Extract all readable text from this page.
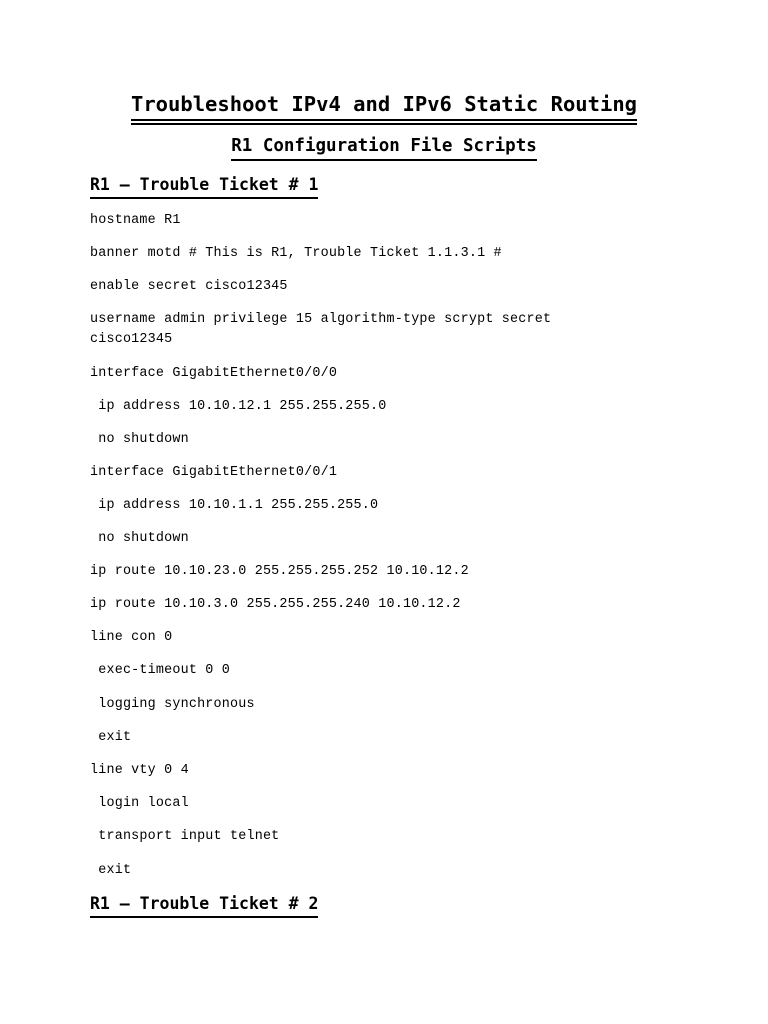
Troubleshoot IPv4 and IPv6 Static Routing
R1 Configuration File Scripts
R1 – Trouble Ticket # 1
hostname R1
banner motd # This is R1, Trouble Ticket 1.1.3.1 #
enable secret cisco12345
username admin privilege 15 algorithm-type scrypt secret
cisco12345
interface GigabitEthernet0/0/0
ip address 10.10.12.1 255.255.255.0
no shutdown
interface GigabitEthernet0/0/1
ip address 10.10.1.1 255.255.255.0
no shutdown
ip route 10.10.23.0 255.255.255.252 10.10.12.2
ip route 10.10.3.0 255.255.255.240 10.10.12.2
line con 0
exec-timeout 0 0
logging synchronous
exit
line vty 0 4
login local
transport input telnet
exit
R1 – Trouble Ticket # 2
